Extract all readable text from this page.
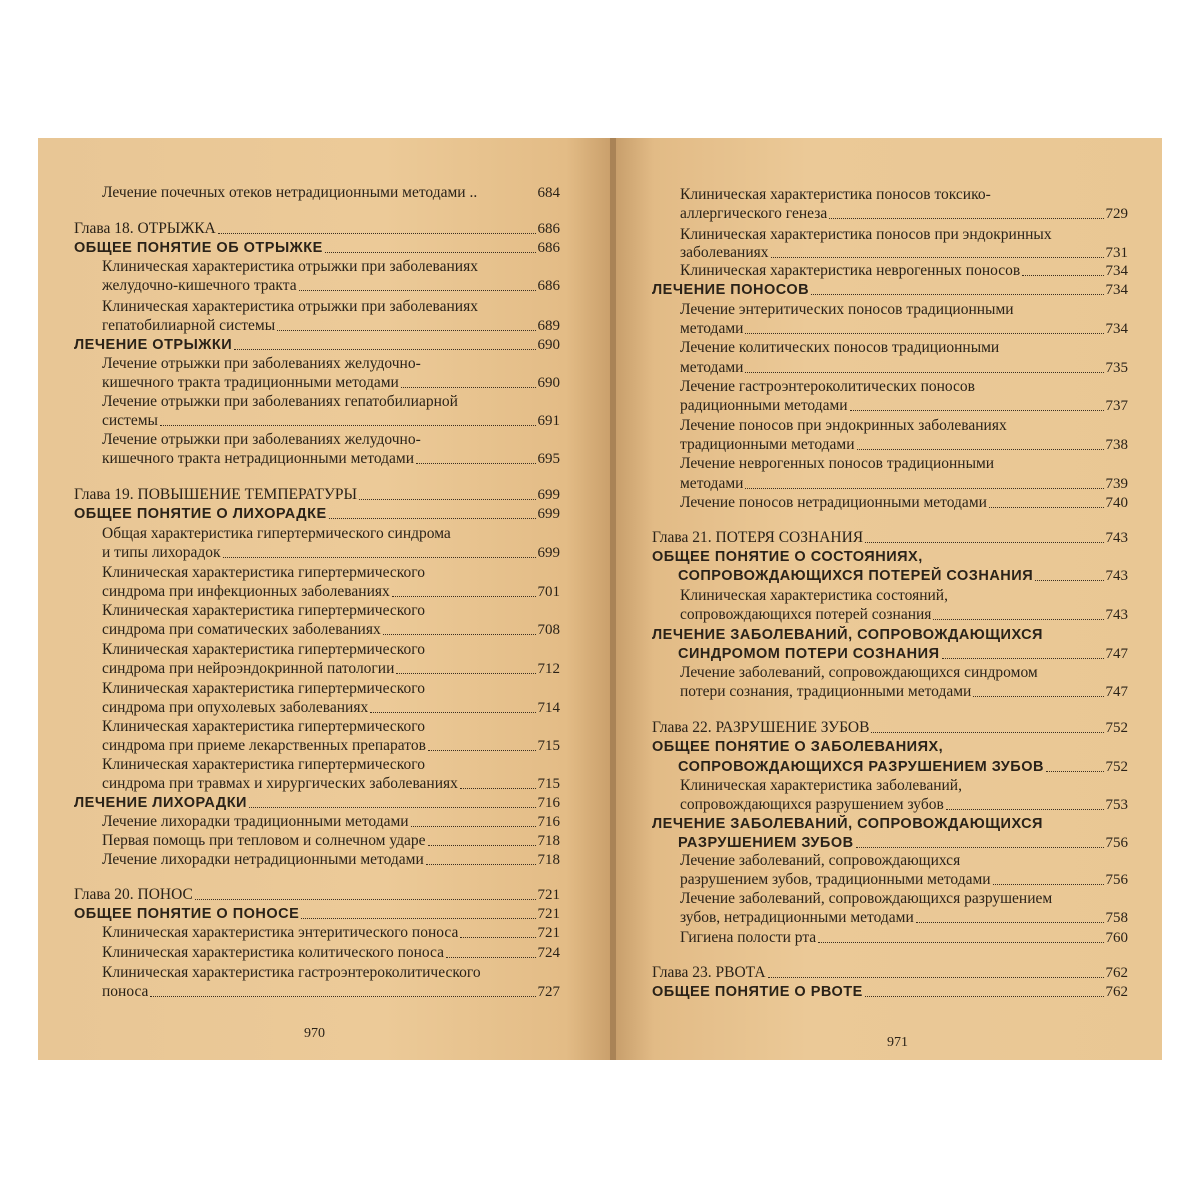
Лечение почечных отеков нетрадиционными методами ..	684
Глава 18. ОТРЫЖКА	686
ОБЩЕЕ ПОНЯТИЕ ОБ ОТРЫЖКЕ	686
Клиническая характеристика отрыжки при заболеваниях
желудочно-кишечного тракта	686
Клиническая характеристика отрыжки при заболеваниях
гепатобилиарной системы	689
ЛЕЧЕНИЕ ОТРЫЖКИ	690
Лечение отрыжки при заболеваниях желудочно-
кишечного тракта традиционными методами	690
Лечение отрыжки при заболеваниях гепатобилиарной
системы	691
Лечение отрыжки при заболеваниях желудочно-
кишечного тракта нетрадиционными методами	695
Глава 19. ПОВЫШЕНИЕ ТЕМПЕРАТУРЫ	699
ОБЩЕЕ ПОНЯТИЕ О ЛИХОРАДКЕ	699
Общая характеристика гипертермического синдрома
и типы лихорадок	699
Клиническая характеристика гипертермического
синдрома при инфекционных заболеваниях	701
Клиническая характеристика гипертермического
синдрома при соматических заболеваниях	708
Клиническая характеристика гипертермического
синдрома при нейроэндокринной патологии	712
Клиническая характеристика гипертермического
синдрома при опухолевых заболеваниях	714
Клиническая характеристика гипертермического
синдрома при приеме лекарственных препаратов	715
Клиническая характеристика гипертермического
синдрома при травмах и хирургических заболеваниях	715
ЛЕЧЕНИЕ ЛИХОРАДКИ	716
Лечение лихорадки традиционными методами	716
Первая помощь при тепловом и солнечном ударе	718
Лечение лихорадки нетрадиционными методами	718
Глава 20. ПОНОС	721
ОБЩЕЕ ПОНЯТИЕ О ПОНОСЕ	721
Клиническая характеристика энтеритического поноса	721
Клиническая характеристика колитического поноса	724
Клиническая характеристика гастроэнтероколитического
поноса	727
970
Клиническая характеристика поносов токсико-
аллергического генеза	729
Клиническая характеристика поносов при эндокринных
заболеваниях	731
Клиническая характеристика неврогенных поносов	734
ЛЕЧЕНИЕ ПОНОСОВ	734
Лечение энтеритических поносов традиционными
методами	734
Лечение колитических поносов традиционными
методами	735
Лечение гастроэнтероколитических поносов
радиционными методами	737
Лечение поносов при эндокринных заболеваниях
традиционными методами	738
Лечение неврогенных поносов традиционными
методами	739
Лечение поносов нетрадиционными методами	740
Глава 21. ПОТЕРЯ СОЗНАНИЯ	743
ОБЩЕЕ ПОНЯТИЕ О СОСТОЯНИЯХ,
СОПРОВОЖДАЮЩИХСЯ ПОТЕРЕЙ СОЗНАНИЯ	743
Клиническая характеристика состояний,
сопровождающихся потерей сознания	743
ЛЕЧЕНИЕ ЗАБОЛЕВАНИЙ, СОПРОВОЖДАЮЩИХСЯ
СИНДРОМОМ ПОТЕРИ СОЗНАНИЯ	747
Лечение заболеваний, сопровождающихся синдромом
потери сознания, традиционными методами	747
Глава 22. РАЗРУШЕНИЕ ЗУБОВ	752
ОБЩЕЕ ПОНЯТИЕ О ЗАБОЛЕВАНИЯХ,
СОПРОВОЖДАЮЩИХСЯ РАЗРУШЕНИЕМ ЗУБОВ	752
Клиническая характеристика заболеваний,
сопровождающихся разрушением зубов	753
ЛЕЧЕНИЕ ЗАБОЛЕВАНИЙ, СОПРОВОЖДАЮЩИХСЯ
РАЗРУШЕНИЕМ ЗУБОВ	756
Лечение заболеваний, сопровождающихся
разрушением зубов, традиционными методами	756
Лечение заболеваний, сопровождающихся разрушением
зубов, нетрадиционными методами	758
Гигиена полости рта	760
Глава 23. РВОТА	762
ОБЩЕЕ ПОНЯТИЕ О РВОТЕ	762
971
